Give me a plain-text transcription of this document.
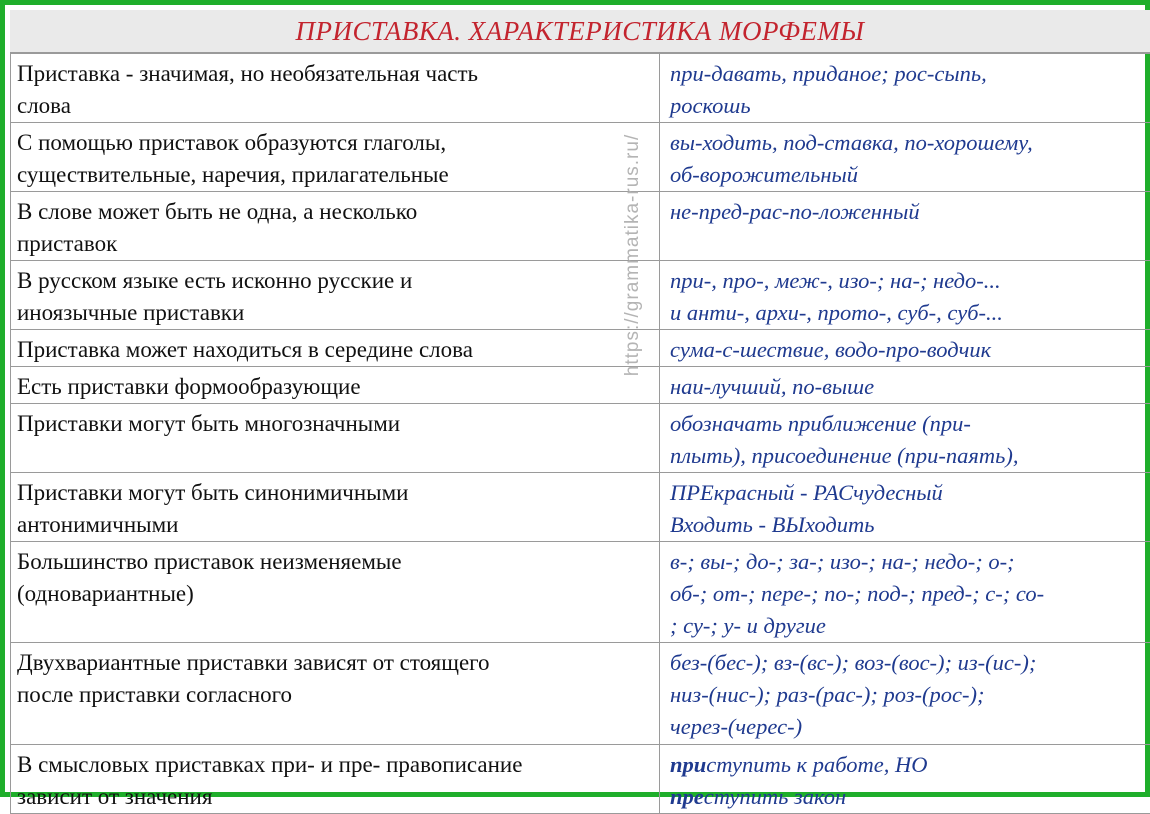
ПРИСТАВКА. ХАРАКТЕРИСТИКА МОРФЕМЫ
Приставка - значимая, но необязательная часть
слова	при-давать, приданое; рос-сыпь,
роскошь
С помощью приставок образуются глаголы,
существительные, наречия, прилагательные	вы-ходить, под-ставка, по-хорошему,
об-ворожительный
В слове может быть не одна, а несколько
приставок	не-пред-рас-по-ложенный
В русском языке есть исконно русские и
иноязычные приставки	при-, про-, меж-, изо-; на-; недо-...
и анти-, архи-, прото-, суб-, суб-...
Приставка может находиться в середине слова	сума-с-шествие, водо-про-водчик
Есть приставки формообразующие	наи-лучший, по-выше
Приставки могут быть многозначными	обозначать приближение (при-
плыть), присоединение (при-паять),
Приставки могут быть синонимичными
антонимичными	ПРЕкрасный - РАСчудесный
Входить - ВЫходить
Большинство приставок неизменяемые
(одновариантные)	в-; вы-; до-; за-; изо-; на-; недо-; о-;
об-; от-; пере-; по-; под-; пред-; с-; со-
; су-; у- и другие
Двухвариантные приставки зависят от стоящего
после приставки согласного	без-(бес-); вз-(вс-); воз-(вос-); из-(ис-);
низ-(нис-); раз-(рас-); роз-(рос-);
через-(черес-)
В смысловых приставках при- и пре- правописание
зависит от значения	приступить к работе, НО
преступить закон
https://grammatika-rus.ru/
